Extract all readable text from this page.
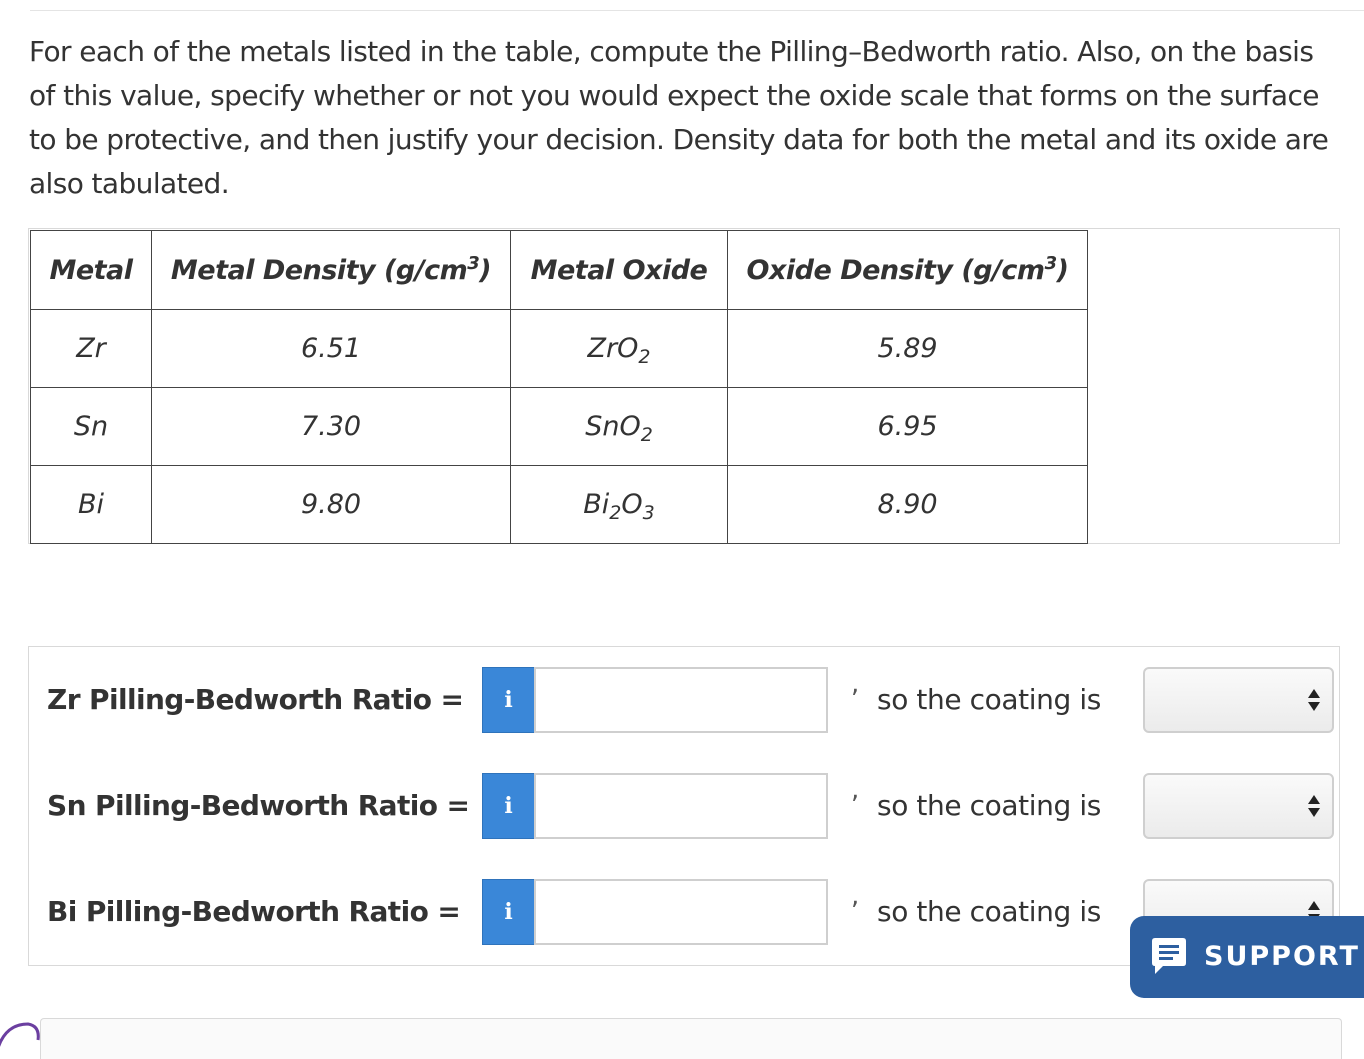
For each of the metals listed in the table, compute the Pilling–Bedworth ratio. Also, on the basis of this value, specify whether or not you would expect the oxide scale that forms on the surface to be protective, and then justify your decision. Density data for both the metal and its oxide are also tabulated.

Metal	Metal Density $(g/cm^3)$	Metal Oxide	Oxide Density $(g/cm^3)$
Zr	6.51	ZrO$_2$	5.89
Sn	7.30	SnO$_2$	6.95
Bi	9.80	$Bi_2O_3$	8.90
Zr Pilling-Bedworth Ratio =	i
, so the coating is
Sn Pilling-Bedworth Ratio =	i
, so the coating is
Bi Pilling-Bedworth Ratio =	i
, so the coating is
SUPPORT
